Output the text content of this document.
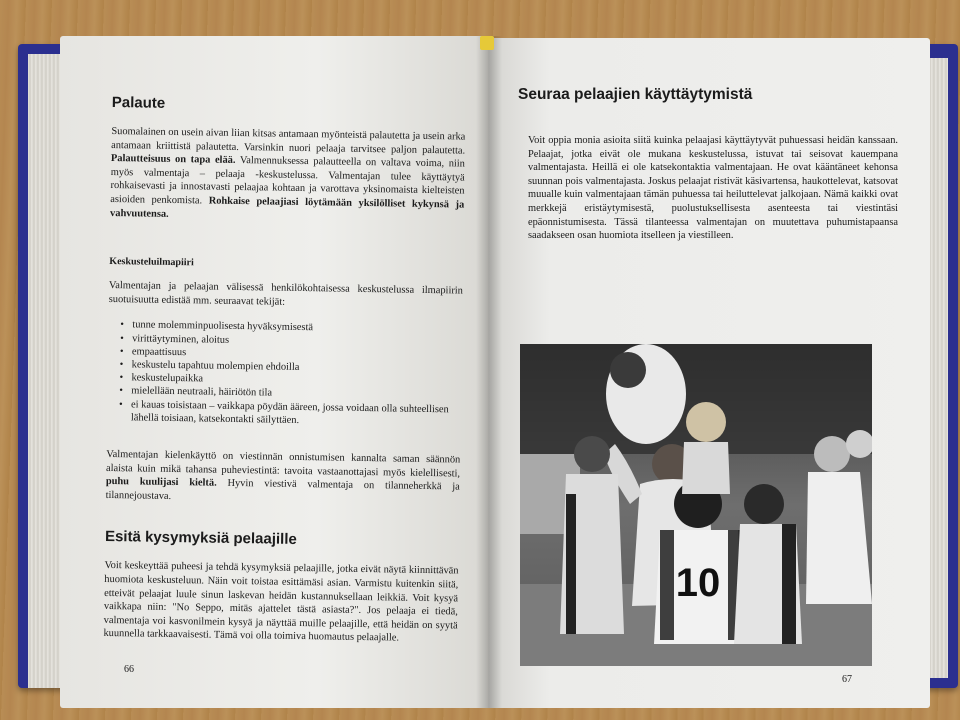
Palaute

Suomalainen on usein aivan liian kitsas antamaan myönteistä palautetta ja usein arka antamaan kriittistä palautetta. Varsinkin nuori pelaaja tarvitsee paljon palautetta. Palautteisuus on tapa elää. Valmennuksessa palautteella on valtava voima, niin myös valmentaja – pelaaja -keskustelussa. Valmentajan tulee käyttäytyä rohkaisevasti ja innostavasti pelaajaa kohtaan ja varottava yksinomaista kielteisten asioiden penkomista. Rohkaise pelaajiasi löytämään yksilölliset kykynsä ja vahvuutensa.

Keskusteluilmapiiri

Valmentajan ja pelaajan välisessä henkilökohtaisessa keskustelussa ilmapiirin suotuisuutta edistää mm. seuraavat tekijät:

• tunne molemminpuolisesta hyväksymisestä
• virittäytyminen, aloitus
• empaattisuus
• keskustelu tapahtuu molempien ehdoilla
• keskustelupaikka
• mielellään neutraali, häiriötön tila
• ei kauas toisistaan – vaikkapa pöydän ääreen, jossa voidaan olla suhteellisen lähellä toisiaan, katsekontakti säilyttäen.

Valmentajan kielenkäyttö on viestinnän onnistumisen kannalta saman säännön alaista kuin mikä tahansa puheviestintä: tavoita vastaanottajasi myös kielellisesti, puhu kuulijasi kieltä. Hyvin viestivä valmentaja on tilanneherkkä ja tilannejoustava.

Esitä kysymyksiä pelaajille

Voit keskeyttää puheesi ja tehdä kysymyksiä pelaajille, jotka eivät näytä kiinnittävän huomiota keskusteluun. Näin voit toistaa esittämäsi asian. Varmistu kuitenkin siitä, etteivät pelaajat luule sinun laskevan heidän kustannuksellaan leikkiä. Voit kysyä vaikkapa niin: "No Seppo, mitäs ajattelet tästä asiasta?". Jos pelaaja ei tiedä, valmentaja voi kasvonilmein kysyä ja näyttää muille pelaajille, että heidän on syytä kuunnella tarkkaavaisesti. Tämä voi olla toimiva huomautus pelaajalle.

66
Seuraa pelaajien käyttäytymistä

Voit oppia monia asioita siitä kuinka pelaajasi käyttäytyvät puhuessasi heidän kanssaan. Pelaajat, jotka eivät ole mukana keskustelussa, istuvat tai seisovat kauempana valmentajasta. Heillä ei ole katsekontaktia valmentajaan. He ovat kääntäneet kehonsa suunnan pois valmentajasta. Joskus pelaajat ristivät käsivartensa, haukottelevat, katsovat muualle kuin valmentajaan tämän puhuessa tai heiluttelevat jalkojaan. Nämä kaikki ovat merkkejä eristäytymisestä, puolustuksellisesta asenteesta tai viestintäsi epäonnistumisesta. Tässä tilanteessa valmentajan on muutettava puhumistapaansa saadakseen osan huomiota itselleen ja viestilleen.

10
67
